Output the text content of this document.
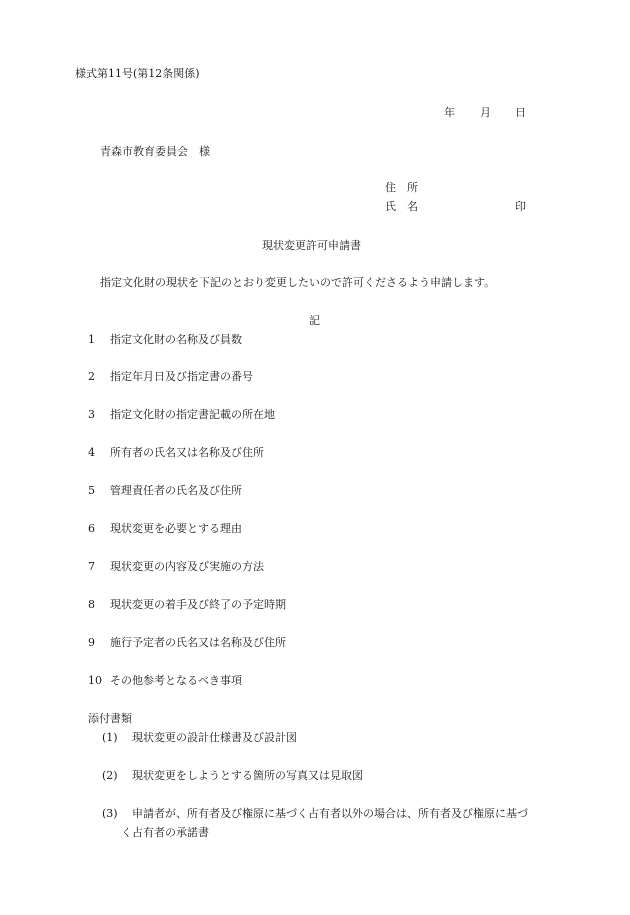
様式第11号(第12条関係)
年 月 日
青森市教育委員会　様
住　所
氏　名	印
現状変更許可申請書
指定文化財の現状を下記のとおり変更したいので許可くださるよう申請します。
記
1 指定文化財の名称及び員数
2 指定年月日及び指定書の番号
3 指定文化財の指定書記載の所在地
4 所有者の氏名又は名称及び住所
5 管理責任者の氏名及び住所
6 現状変更を必要とする理由
7 現状変更の内容及び実施の方法
8 現状変更の着手及び終了の予定時期
9 施行予定者の氏名又は名称及び住所
10 その他参考となるべき事項
添付書類
(1) 現状変更の設計仕様書及び設計図
(2) 現状変更をしようとする箇所の写真又は見取図
(3) 申請者が、所有者及び権原に基づく占有者以外の場合は、所有者及び権原に基づ
く占有者の承諾書
